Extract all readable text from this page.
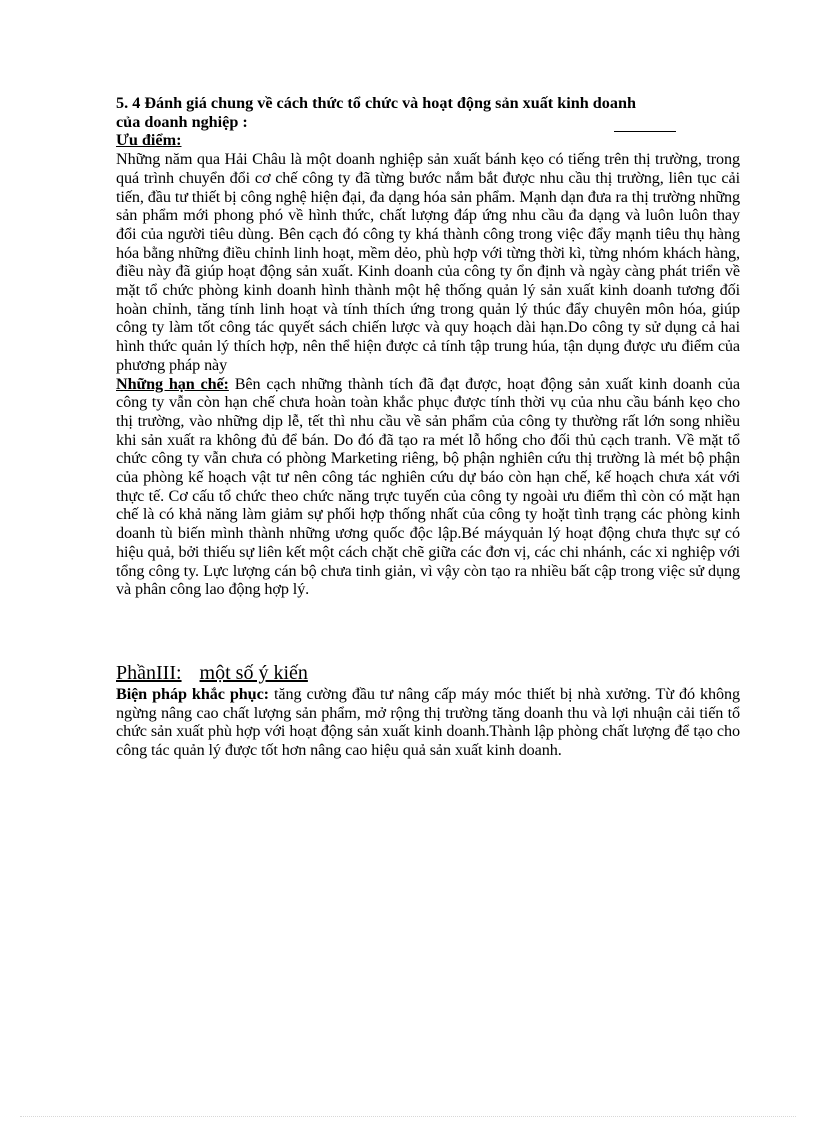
5. 4 Đánh giá chung về cách thức tổ chức và hoạt động sản xuất kinh doanh
của doanh nghiệp :

Ưu điểm:

Những năm qua Hải Châu là một doanh nghiệp sản xuất bánh kẹo có tiếng trên thị trường, trong quá trình chuyển đổi cơ chế công ty đã từng bước nắm bắt được nhu cầu thị trường, liên tục cải tiến, đầu tư thiết bị công nghệ hiện đại, đa dạng hóa sản phẩm. Mạnh dạn đưa ra thị trường những sản phẩm mới phong phó về hình thức, chất lượng đáp ứng nhu cầu đa dạng và luôn luôn thay đổi của người tiêu dùng. Bên cạch đó công ty khá thành công trong việc đẩy mạnh tiêu thụ hàng hóa bằng những điều chỉnh linh hoạt, mềm dẻo, phù hợp với từng thời kì, từng nhóm khách hàng, điều này đã giúp hoạt động sản xuất. Kinh doanh của công ty ổn định và ngày càng phát triển về mặt tổ chức phòng kinh doanh hình thành một hệ thống quản lý sản xuất kinh doanh tương đối hoàn chỉnh, tăng tính linh hoạt và tính thích ứng trong quản lý thúc đẩy chuyên môn hóa, giúp công ty làm tốt công tác quyết sách chiến lược và quy hoạch dài hạn.Do công ty sử dụng cả hai hình thức quản lý thích hợp, nên thể hiện được cả tính tập trung húa, tận dụng được ưu điểm của phương pháp này

Những hạn chế: Bên cạch những thành tích đã đạt được, hoạt động sản xuất kinh doanh của công ty vẫn còn hạn chế chưa hoàn toàn khắc phục được tính thời vụ của nhu cầu bánh kẹo cho thị trường, vào những dịp lễ, tết thì nhu cầu về sản phẩm của công ty thường rất lớn song nhiều khi sản xuất ra không đủ để bán. Do đó đã tạo ra mét lỗ hổng cho đối thủ cạch tranh. Về mặt tổ chức công ty vẫn chưa có phòng Marketing riêng, bộ phận nghiên cứu thị trường là mét bộ phận của phòng kế hoạch vật tư nên công tác nghiên cứu dự báo còn hạn chế, kế hoạch chưa xát với thực tế. Cơ cấu tổ chức theo chức năng trực tuyến của công ty ngoài ưu điểm thì còn có mặt hạn chế là có khả năng làm giảm sự phối hợp thống nhất của công ty hoặt tình trạng các phòng kinh doanh tù biến mình thành những ương quốc độc lập.Bé máyquản lý hoạt động chưa thực sự có hiệu quả, bởi thiếu sự liên kết một cách chặt chẽ giữa các đơn vị, các chi nhánh, các xi nghiệp với tổng công ty. Lực lượng cán bộ chưa tinh giản, vì vậy còn tạo ra nhiều bất cập trong việc sử dụng và phân công lao động hợp lý.

PhầnIII: một số ý kiến

Biện pháp khắc phục: tăng cường đầu tư nâng cấp máy móc thiết bị nhà xưởng. Từ đó không ngừng nâng cao chất lượng sản phẩm, mở rộng thị trường tăng doanh thu và lợi nhuận cải tiến tổ chức sản xuất phù hợp với hoạt động sản xuất kinh doanh.Thành lập phòng chất lượng để tạo cho công tác quản lý được tốt hơn nâng cao hiệu quả sản xuất kinh doanh.
